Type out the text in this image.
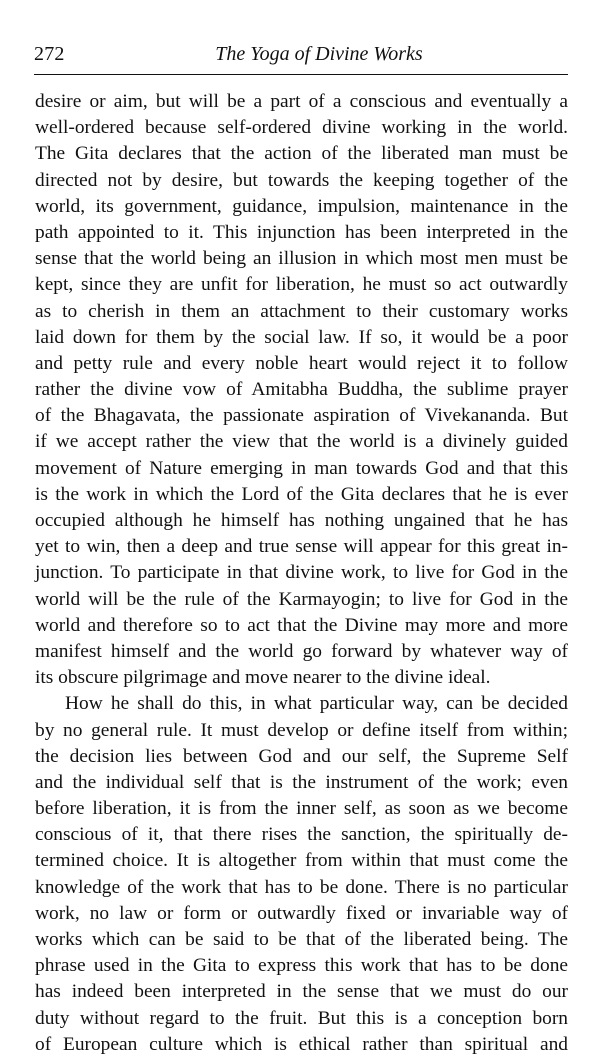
272	The Yoga of Divine Works
desire or aim, but will be a part of a conscious and eventually a
well-ordered because self-ordered divine working in the world.
The Gita declares that the action of the liberated man must be
directed not by desire, but towards the keeping together of the
world, its government, guidance, impulsion, maintenance in the
path appointed to it. This injunction has been interpreted in the
sense that the world being an illusion in which most men must be
kept, since they are unfit for liberation, he must so act outwardly
as to cherish in them an attachment to their customary works
laid down for them by the social law. If so, it would be a poor
and petty rule and every noble heart would reject it to follow
rather the divine vow of Amitabha Buddha, the sublime prayer
of the Bhagavata, the passionate aspiration of Vivekananda. But
if we accept rather the view that the world is a divinely guided
movement of Nature emerging in man towards God and that this
is the work in which the Lord of the Gita declares that he is ever
occupied although he himself has nothing ungained that he has
yet to win, then a deep and true sense will appear for this great in-
junction. To participate in that divine work, to live for God in the
world will be the rule of the Karmayogin; to live for God in the
world and therefore so to act that the Divine may more and more
manifest himself and the world go forward by whatever way of
its obscure pilgrimage and move nearer to the divine ideal.
How he shall do this, in what particular way, can be decided
by no general rule. It must develop or define itself from within;
the decision lies between God and our self, the Supreme Self
and the individual self that is the instrument of the work; even
before liberation, it is from the inner self, as soon as we become
conscious of it, that there rises the sanction, the spiritually de-
termined choice. It is altogether from within that must come the
knowledge of the work that has to be done. There is no particular
work, no law or form or outwardly fixed or invariable way of
works which can be said to be that of the liberated being. The
phrase used in the Gita to express this work that has to be done
has indeed been interpreted in the sense that we must do our
duty without regard to the fruit. But this is a conception born
of European culture which is ethical rather than spiritual and
